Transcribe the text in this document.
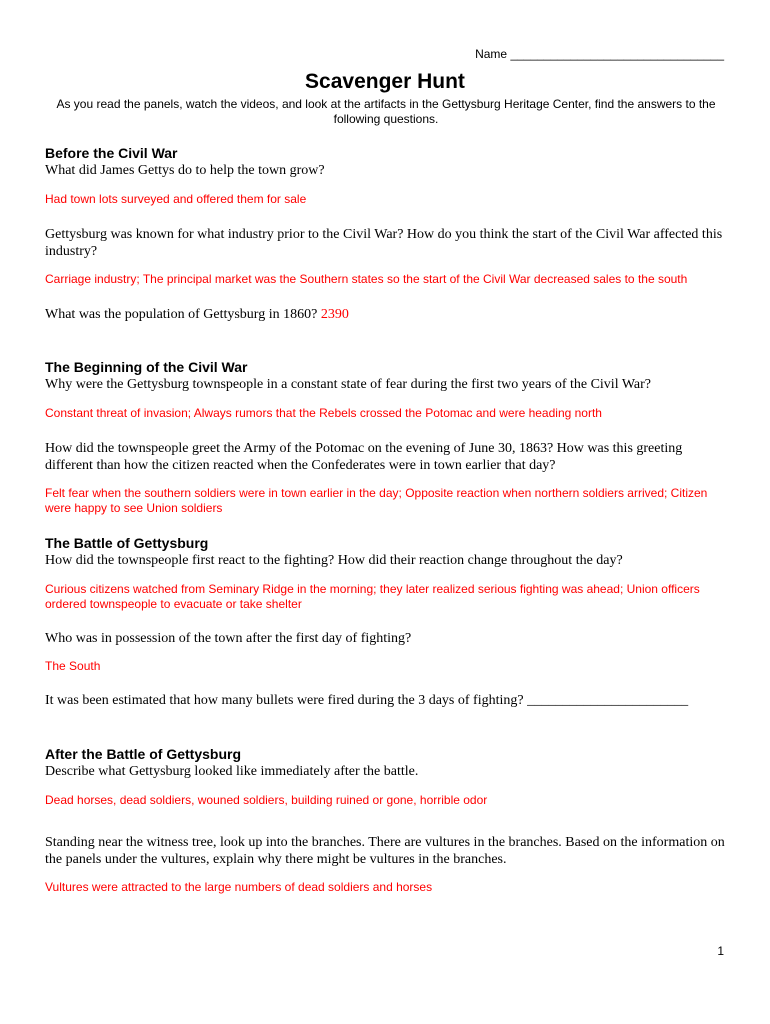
Name ________________________________
Scavenger Hunt
As you read the panels, watch the videos, and look at the artifacts in the Gettysburg Heritage Center, find the answers to the following questions.

Before the Civil War

What did James Gettys do to help the town grow?

Had town lots surveyed and offered them for sale

Gettysburg was known for what industry prior to the Civil War? How do you think the start of the Civil War affected this industry?

Carriage industry; The principal market was the Southern states so the start of the Civil War decreased sales to the south

What was the population of Gettysburg in 1860? 2390

The Beginning of the Civil War

Why were the Gettysburg townspeople in a constant state of fear during the first two years of the Civil War?

Constant threat of invasion; Always rumors that the Rebels crossed the Potomac and were heading north

How did the townspeople greet the Army of the Potomac on the evening of June 30, 1863? How was this greeting different than how the citizen reacted when the Confederates were in town earlier that day?

Felt fear when the southern soldiers were in town earlier in the day; Opposite reaction when northern soldiers arrived; Citizen were happy to see Union soldiers

The Battle of Gettysburg

How did the townspeople first react to the fighting? How did their reaction change throughout the day?

Curious citizens watched from Seminary Ridge in the morning; they later realized serious fighting was ahead; Union officers ordered townspeople to evacuate or take shelter

Who was in possession of the town after the first day of fighting?

The South

It was been estimated that how many bullets were fired during the 3 days of fighting? _______________________

After the Battle of Gettysburg

Describe what Gettysburg looked like immediately after the battle.

Dead horses, dead soldiers, wouned soldiers, building ruined or gone, horrible odor

Standing near the witness tree, look up into the branches. There are vultures in the branches. Based on the information on the panels under the vultures, explain why there might be vultures in the branches.

Vultures were attracted to the large numbers of dead soldiers and horses

1
